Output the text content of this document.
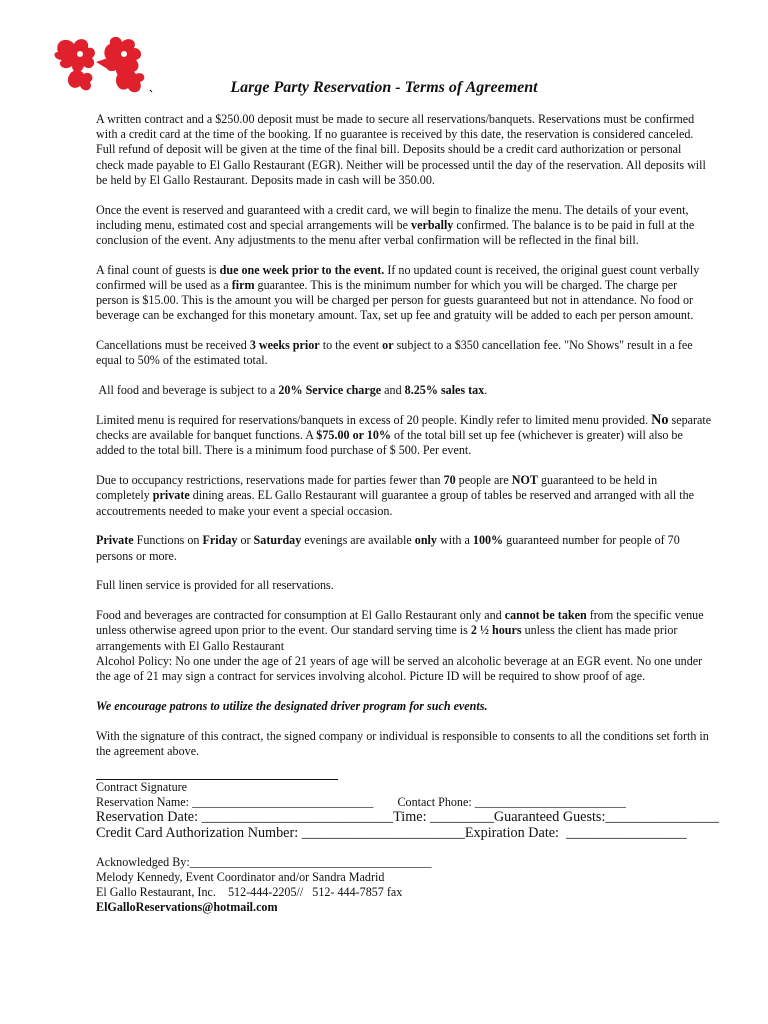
Large Party Reservation - Terms of Agreement

A written contract and a $250.00 deposit must be made to secure all reservations/banquets. Reservations must be confirmed with a credit card at the time of the booking. If no guarantee is received by this date, the reservation is considered canceled. Full refund of deposit will be given at the time of the final bill. Deposits should be a credit card authorization or personal check made payable to El Gallo Restaurant (EGR). Neither will be processed until the day of the reservation. All deposits will be held by El Gallo Restaurant. Deposits made in cash will be 350.00.

Once the event is reserved and guaranteed with a credit card, we will begin to finalize the menu. The details of your event, including menu, estimated cost and special arrangements will be verbally confirmed. The balance is to be paid in full at the conclusion of the event. Any adjustments to the menu after verbal confirmation will be reflected in the final bill.

A final count of guests is due one week prior to the event. If no updated count is received, the original guest count verbally confirmed will be used as a firm guarantee. This is the minimum number for which you will be charged. The charge per person is $15.00. This is the amount you will be charged per person for guests guaranteed but not in attendance. No food or beverage can be exchanged for this monetary amount. Tax, set up fee and gratuity will be added to each per person amount.

Cancellations must be received 3 weeks prior to the event or subject to a $350 cancellation fee. "No Shows" result in a fee equal to 50% of the estimated total.

All food and beverage is subject to a 20% Service charge and 8.25% sales tax.

Limited menu is required for reservations/banquets in excess of 20 people. Kindly refer to limited menu provided. No separate checks are available for banquet functions. A $75.00 or 10% of the total bill set up fee (whichever is greater) will also be added to the total bill. There is a minimum food purchase of $ 500. Per event.

Due to occupancy restrictions, reservations made for parties fewer than 70 people are NOT guaranteed to be held in completely private dining areas. EL Gallo Restaurant will guarantee a group of tables be reserved and arranged with all the accoutrements needed to make your event a special occasion.

Private Functions on Friday or Saturday evenings are available only with a 100% guaranteed number for people of 70 persons or more.

Full linen service is provided for all reservations.

Food and beverages are contracted for consumption at El Gallo Restaurant only and cannot be taken from the specific venue unless otherwise agreed upon prior to the event. Our standard serving time is 2 ½ hours unless the client has made prior arrangements with El Gallo Restaurant
Alcohol Policy: No one under the age of 21 years of age will be served an alcoholic beverage at an EGR event. No one under the age of 21 may sign a contract for services involving alcohol. Picture ID will be required to show proof of age.

We encourage patrons to utilize the designated driver program for such events.

With the signature of this contract, the signed company or individual is responsible to consents to all the conditions set forth in the agreement above.

Contract Signature
Reservation Name: ______________________________ Contact Phone: _________________________
Reservation Date: ___________________________Time: _________Guaranteed Guests:________________
Credit Card Authorization Number: _______________________Expiration Date:  _________________
Acknowledged By:________________________________________
Melody Kennedy, Event Coordinator and/or Sandra Madrid
El Gallo Restaurant, Inc.    512-444-2205//   512- 444-7857 fax
ElGalloReservations@hotmail.com
